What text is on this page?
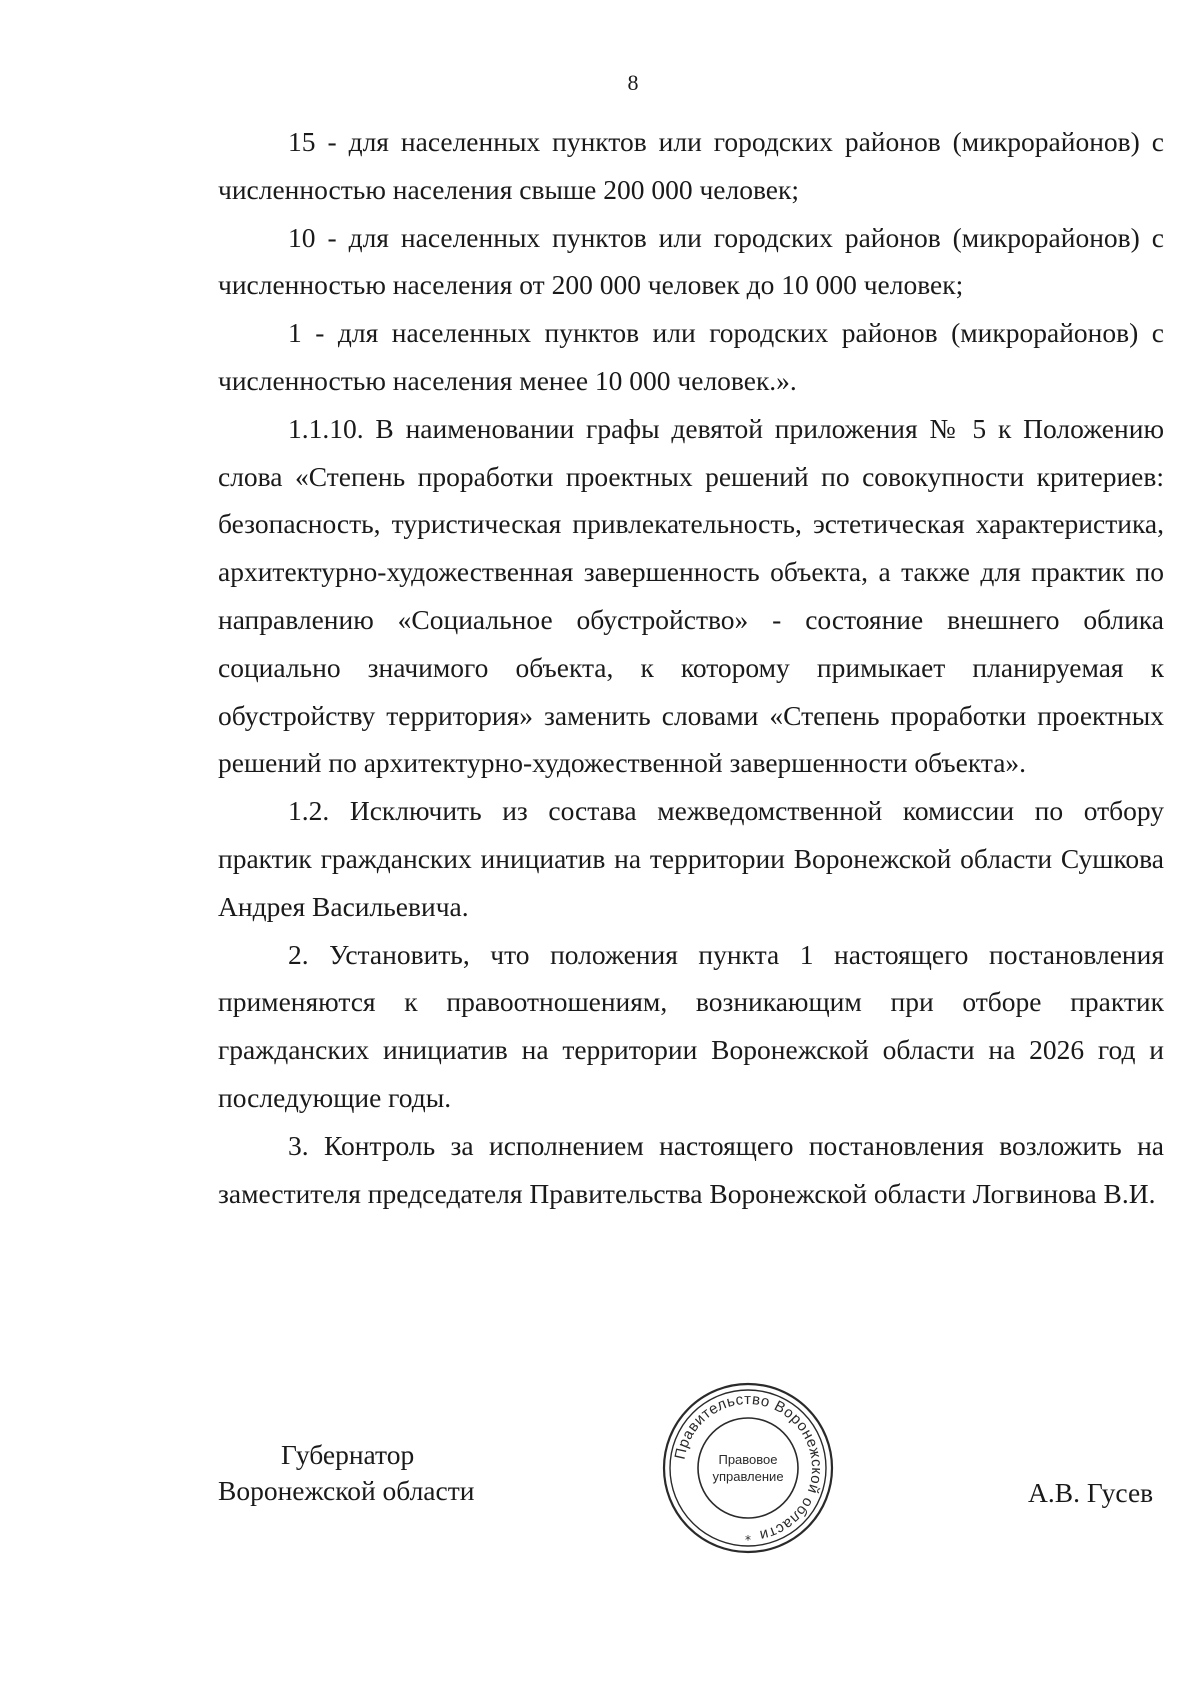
8

15 - для населенных пунктов или городских районов (микрорайонов) с численностью населения свыше 200 000 человек;

10 - для населенных пунктов или городских районов (микрорайонов) с численностью населения от 200 000 человек до 10 000 человек;

1 - для населенных пунктов или городских районов (микрорайонов) с численностью населения менее 10 000 человек.».

1.1.10. В наименовании графы девятой приложения № 5 к Положению слова «Степень проработки проектных решений по совокупности критериев: безопасность, туристическая привлекательность, эстетическая характеристика, архитектурно-художественная завершенность объекта, а также для практик по направлению «Социальное обустройство» - состояние внешнего облика социально значимого объекта, к которому примыкает планируемая к обустройству территория» заменить словами «Степень проработки проектных решений по архитектурно-художественной завершенности объекта».

1.2. Исключить из состава межведомственной комиссии по отбору практик гражданских инициатив на территории Воронежской области Сушкова Андрея Васильевича.

2. Установить, что положения пункта 1 настоящего постановления применяются к правоотношениям, возникающим при отборе практик гражданских инициатив на территории Воронежской области на 2026 год и последующие годы.

3. Контроль за исполнением настоящего постановления возложить на заместителя председателя Правительства Воронежской области Логвинова В.И.

Губернатор
Воронежской области	А.В. Гусев
Правительство Воронежской области
Правовое
управление
*
